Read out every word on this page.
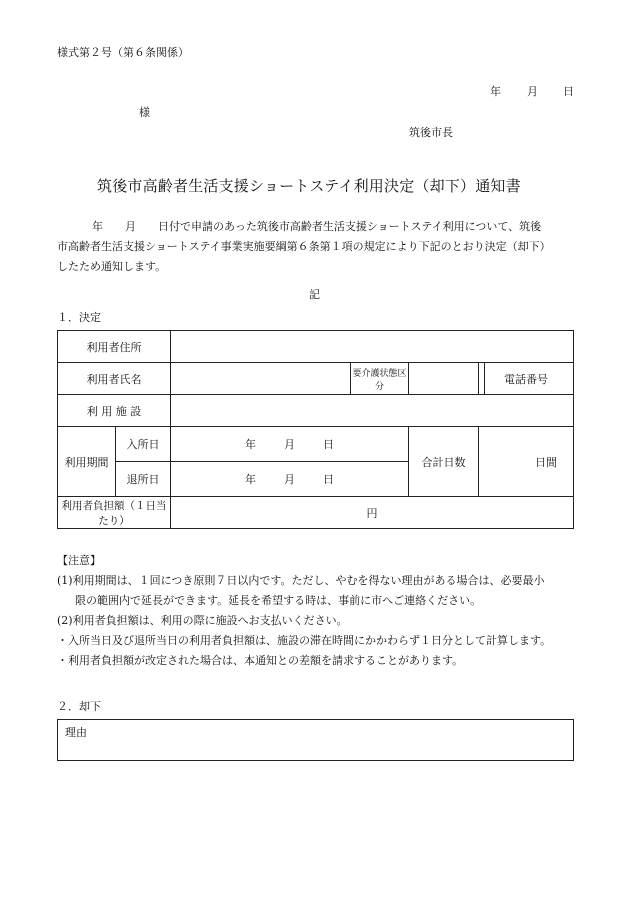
様式第２号（第６条関係）
年 月 日
様
筑後市長
筑後市高齢者生活支援ショートステイ利用決定（却下）通知書
年　　月　　日付で申請のあった筑後市高齢者生活支援ショートステイ利用について、筑後
市高齢者生活支援ショートステイ事業実施要綱第６条第１項の規定により下記のとおり決定（却下）
したため通知します。
記
１．決定
利用者住所					
利用者氏名			要介護状態区分		電話番号
利 用 施 設					
利用期間	入所日	年 月 日		合計日数	日間
	退所日	年 月 日			
利用者負担額（１日当たり）		円			
【注意】
(1)利用期間は、１回につき原則７日以内です。ただし、やむを得ない理由がある場合は、必要最小
限の範囲内で延長ができます。延長を希望する時は、事前に市へご連絡ください。
(2)利用者負担額は、利用の際に施設へお支払いください。
・入所当日及び退所当日の利用者負担額は、施設の滞在時間にかかわらず１日分として計算します。
・利用者負担額が改定された場合は、本通知との差額を請求することがあります。
２．却下
理由
